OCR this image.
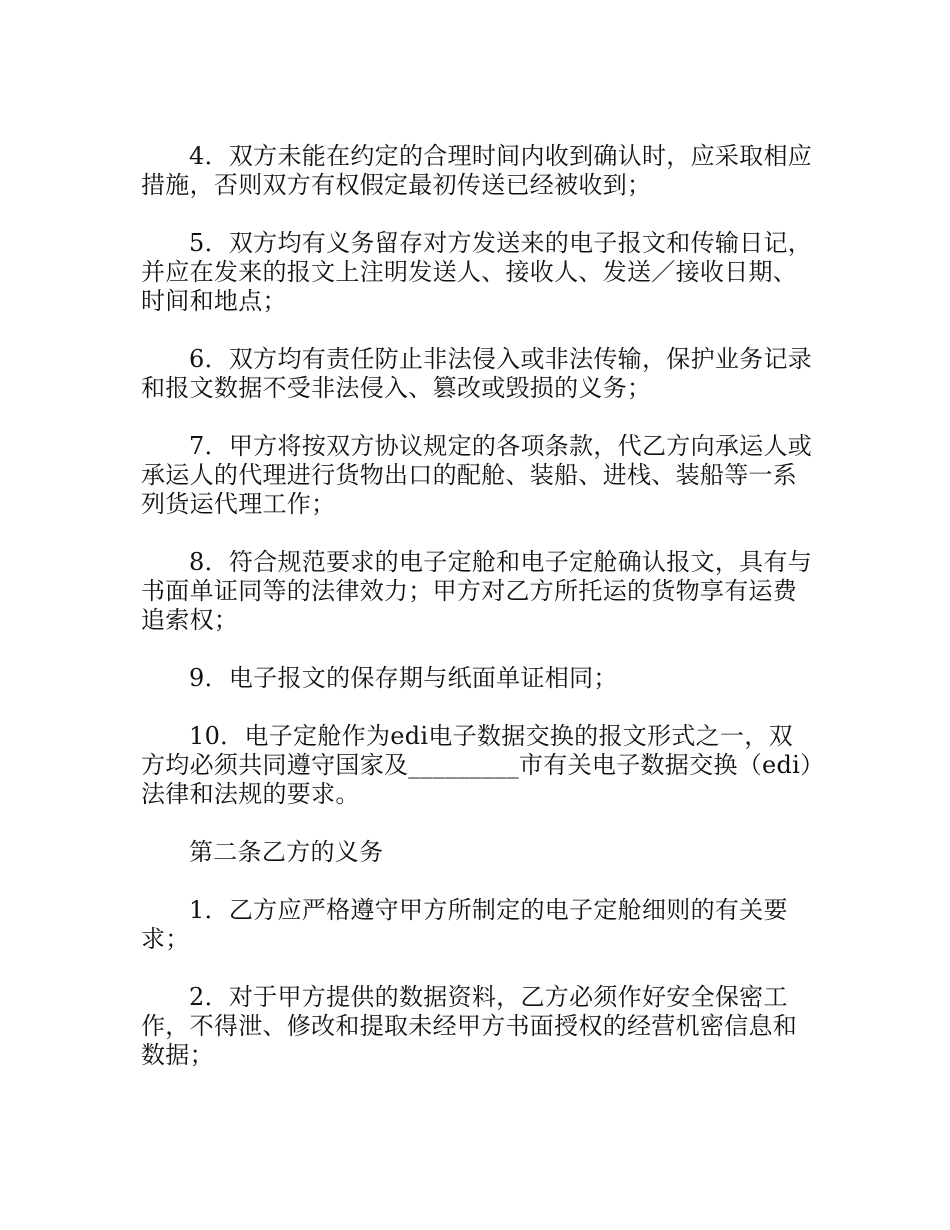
4．双方未能在约定的合理时间内收到确认时，应采取相应措施，否则双方有权假定最初传送已经被收到；

5．双方均有义务留存对方发送来的电子报文和传输日记，并应在发来的报文上注明发送人、接收人、发送／接收日期、时间和地点；

6．双方均有责任防止非法侵入或非法传输，保护业务记录和报文数据不受非法侵入、篡改或毁损的义务；

7．甲方将按双方协议规定的各项条款，代乙方向承运人或承运人的代理进行货物出口的配舱、装船、进栈、装船等一系列货运代理工作；

8．符合规范要求的电子定舱和电子定舱确认报文，具有与书面单证同等的法律效力；甲方对乙方所托运的货物享有运费追索权；

9．电子报文的保存期与纸面单证相同；

10．电子定舱作为edi电子数据交换的报文形式之一，双方均必须共同遵守国家及_________市有关电子数据交换（edi）法律和法规的要求。

第二条乙方的义务

1．乙方应严格遵守甲方所制定的电子定舱细则的有关要求；

2．对于甲方提供的数据资料，乙方必须作好安全保密工作，不得泄、修改和提取未经甲方书面授权的经营机密信息和数据；
